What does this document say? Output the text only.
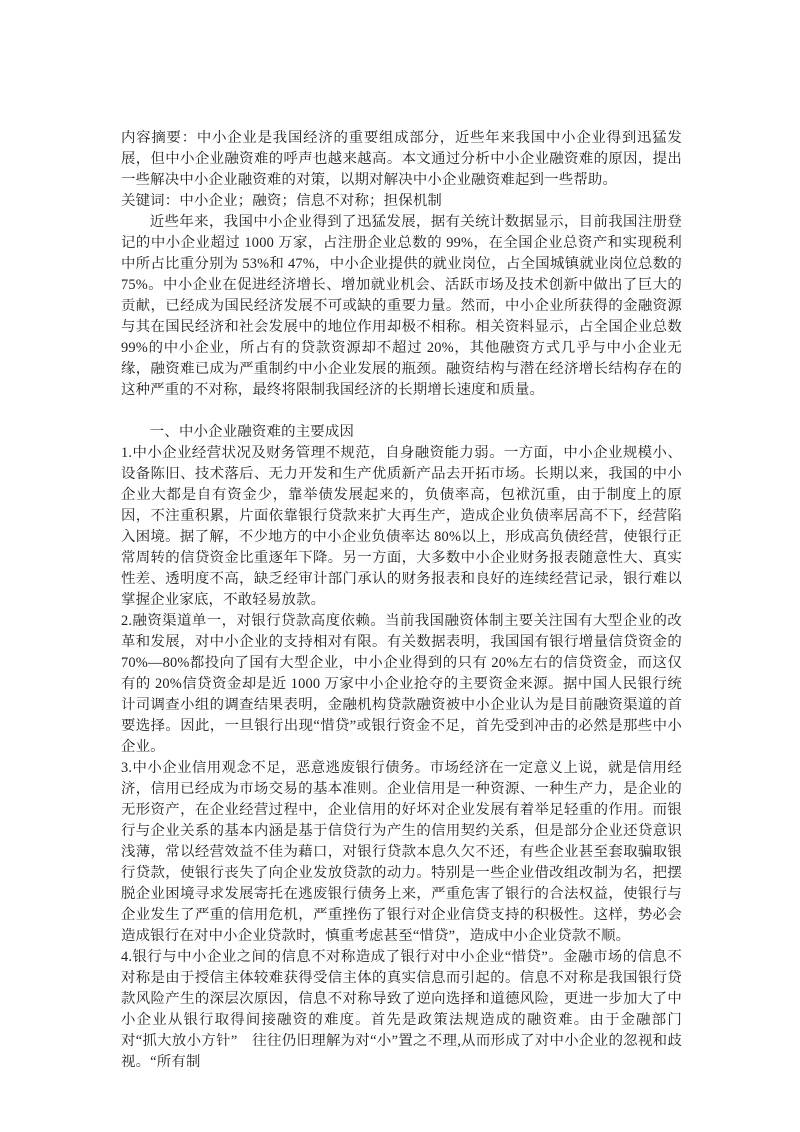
内容摘要：中小企业是我国经济的重要组成部分，近些年来我国中小企业得到迅猛发展，但中小企业融资难的呼声也越来越高。本文通过分析中小企业融资难的原因，提出一些解决中小企业融资难的对策，以期对解决中小企业融资难起到一些帮助。

关键词：中小企业；融资；信息不对称；担保机制

近些年来，我国中小企业得到了迅猛发展，据有关统计数据显示，目前我国注册登记的中小企业超过 1000 万家，占注册企业总数的 99%，在全国企业总资产和实现税利中所占比重分别为 53%和 47%，中小企业提供的就业岗位，占全国城镇就业岗位总数的 75%。中小企业在促进经济增长、增加就业机会、活跃市场及技术创新中做出了巨大的贡献，已经成为国民经济发展不可或缺的重要力量。然而，中小企业所获得的金融资源与其在国民经济和社会发展中的地位作用却极不相称。相关资料显示，占全国企业总数 99%的中小企业，所占有的贷款资源却不超过 20%，其他融资方式几乎与中小企业无缘，融资难已成为严重制约中小企业发展的瓶颈。融资结构与潜在经济增长结构存在的这种严重的不对称，最终将限制我国经济的长期增长速度和质量。

一、中小企业融资难的主要成因

1.中小企业经营状况及财务管理不规范，自身融资能力弱。一方面，中小企业规模小、设备陈旧、技术落后、无力开发和生产优质新产品去开拓市场。长期以来，我国的中小企业大都是自有资金少，靠举债发展起来的，负债率高，包袱沉重，由于制度上的原因，不注重积累，片面依靠银行贷款来扩大再生产，造成企业负债率居高不下，经营陷入困境。据了解，不少地方的中小企业负债率达 80%以上，形成高负债经营，使银行正常周转的信贷资金比重逐年下降。另一方面，大多数中小企业财务报表随意性大、真实性差、透明度不高，缺乏经审计部门承认的财务报表和良好的连续经营记录，银行难以掌握企业家底，不敢轻易放款。

2.融资渠道单一，对银行贷款高度依赖。当前我国融资体制主要关注国有大型企业的改革和发展，对中小企业的支持相对有限。有关数据表明，我国国有银行增量信贷资金的 70%—80%都投向了国有大型企业，中小企业得到的只有 20%左右的信贷资金，而这仅有的 20%信贷资金却是近 1000 万家中小企业抢夺的主要资金来源。据中国人民银行统计司调查小组的调查结果表明，金融机构贷款融资被中小企业认为是目前融资渠道的首要选择。因此，一旦银行出现“惜贷”或银行资金不足，首先受到冲击的必然是那些中小企业。

3.中小企业信用观念不足，恶意逃废银行债务。市场经济在一定意义上说，就是信用经济，信用已经成为市场交易的基本准则。企业信用是一种资源、一种生产力，是企业的无形资产，在企业经营过程中，企业信用的好坏对企业发展有着举足轻重的作用。而银行与企业关系的基本内涵是基于信贷行为产生的信用契约关系，但是部分企业还贷意识浅薄，常以经营效益不佳为藉口，对银行贷款本息久欠不还，有些企业甚至套取骗取银行贷款，使银行丧失了向企业发放贷款的动力。特别是一些企业借改组改制为名，把摆脱企业困境寻求发展寄托在逃废银行债务上来，严重危害了银行的合法权益，使银行与企业发生了严重的信用危机，严重挫伤了银行对企业信贷支持的积极性。这样，势必会造成银行在对中小企业贷款时，慎重考虑甚至“惜贷”，造成中小企业贷款不顺。

4.银行与中小企业之间的信息不对称造成了银行对中小企业“惜贷”。金融市场的信息不对称是由于授信主体较难获得受信主体的真实信息而引起的。信息不对称是我国银行贷款风险产生的深层次原因，信息不对称导致了逆向选择和道德风险，更进一步加大了中小企业从银行取得间接融资的难度。首先是政策法规造成的融资难。由于金融部门对“抓大放小方针”　往往仍旧理解为对“小”置之不理,从而形成了对中小企业的忽视和歧视。“所有制
